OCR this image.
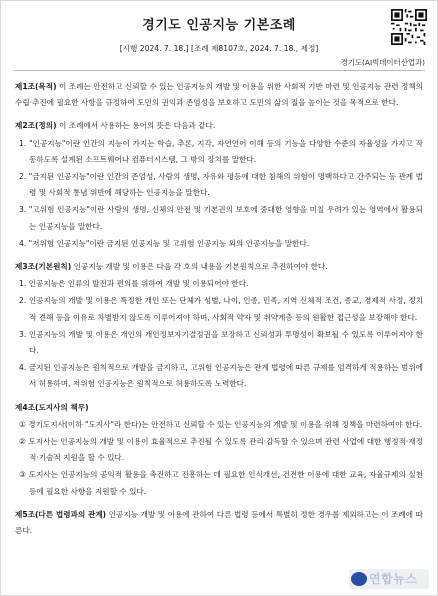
경기도 인공지능 기본조례
[시행 2024. 7. 18.] [조례 제8107호, 2024. 7. 18., 제정]
경기도(AI빅데이터산업과)

제1조(목적) 이 조례는 안전하고 신뢰할 수 있는 인공지능의 개발 및 이용을 위한 사회적 기반 마련 및 인공지능 관련 정책의 수립·추진에 필요한 사항을 규정하여 도민의 권익과 존엄성을 보호하고 도민의 삶의 질을 높이는 것을 목적으로 한다.

제2조(정의) 이 조례에서 사용하는 용어의 뜻은 다음과 같다.

1. "인공지능"이란 인간의 지능이 가지는 학습, 추론, 지각, 자연언어 이해 등의 기능을 다양한 수준의 자율성을 가지고 작동하도록 설계된 소프트웨어나 컴퓨터시스템, 그 밖의 장치를 말한다.

2. "금지된 인공지능"이란 인간의 존엄성, 사람의 생명, 자유와 평등에 대한 침해의 위험이 명백하다고 간주되는 등 관계 법령 및 사회적 통념 위반에 해당하는 인공지능을 말한다.

3. "고위험 인공지능"이란 사람의 생명, 신체의 안전 및 기본권의 보호에 중대한 영향을 미칠 우려가 있는 영역에서 활용되는 인공지능을 말한다.

4. "저위험 인공지능"이란 금지된 인공지능 및 고위험 인공지능 외의 인공지능을 말한다.

제3조(기본원칙) 인공지능 개발 및 이용은 다음 각 호의 내용을 기본원칙으로 추진하여야 한다.

1. 인공지능은 인류의 발전과 편의를 위하여 개발 및 이용되어야 한다.

2. 인공지능의 개발 및 이용은 특정한 개인 또는 단체가 성별, 나이, 인종, 민족, 지역 신체적 조건, 종교, 경제적 사정, 정치적 견해 등을 이유로 차별받지 않도록 이루어져야 하며, 사회적 약자 및 취약계층 등의 원활한 접근성을 보장해야 한다.

3. 인공지능의 개발 및 이용은 개인의 개인정보자기결정권을 보장하고 신뢰성과 투명성이 확보될 수 있도록 이루어져야 한다.

4. 금지된 인공지능은 원칙적으로 개발을 금지하고, 고위험 인공지능은 관계 법령에 따른 규제를 엄격하게 적용하는 범위에서 허용하며, 저위험 인공지능은 원칙적으로 허용하도록 노력한다.

제4조(도지사의 책무)

① 경기도지사(이하 "도지사"라 한다)는 안전하고 신뢰할 수 있는 인공지능의 개발 및 이용을 위해 정책을 마련하여야 한다.

② 도지사는 인공지능의 개발 및 이용이 효율적으로 추진될 수 있도록 관리·감독할 수 있으며 관련 사업에 대한 행정적·재정적·기술적 지원을 할 수 있다.

③ 도지사는 인공지능의 공익적 활용을 촉진하고 진흥하는 데 필요한 인식개선, 건전한 이용에 대한 교육, 자율규제의 실천 등에 필요한 사항을 지원할 수 있다.

제5조(다른 법령과의 관계) 인공지능 개발 및 이용에 관하여 다른 법령 등에서 특별히 정한 경우를 제외하고는 이 조례에 따른다.

연합뉴스
